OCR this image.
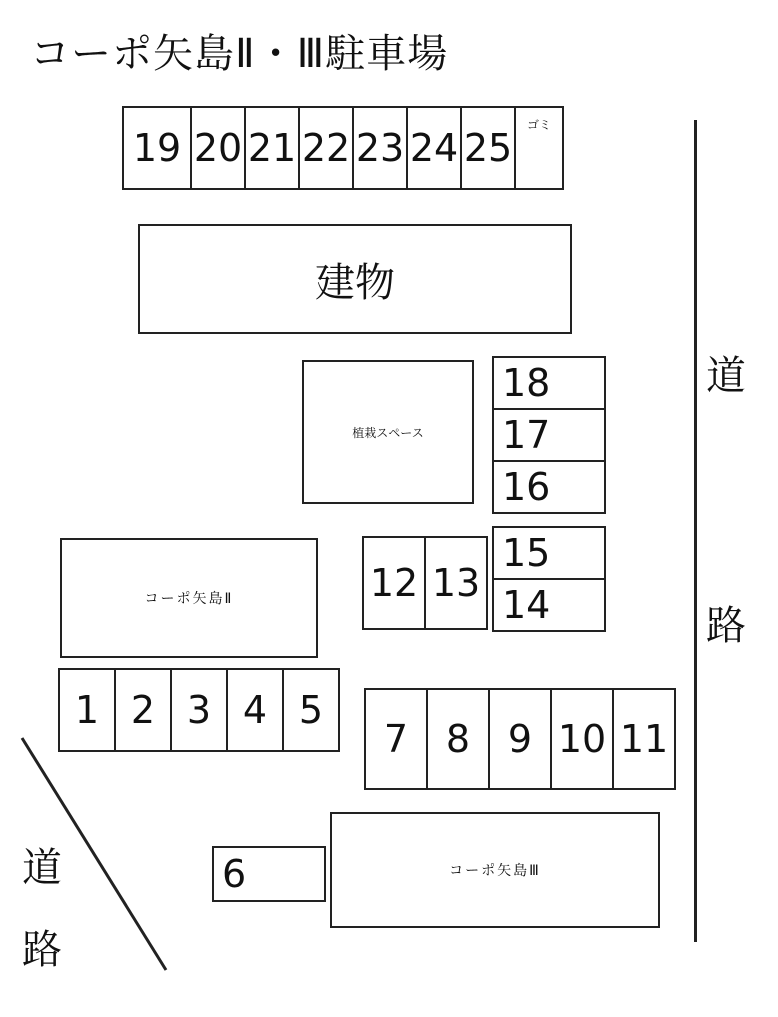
コーポ矢島Ⅱ・Ⅲ駐車場
19 20 21 22 23 24 25
ゴミ
建物
植栽スペース
18
17
16
15
14
12 13
コーポ矢島Ⅱ
1 2 3 4 5
7 8 9 10 11
6	コーポ矢島Ⅲ
道
路
道
路
